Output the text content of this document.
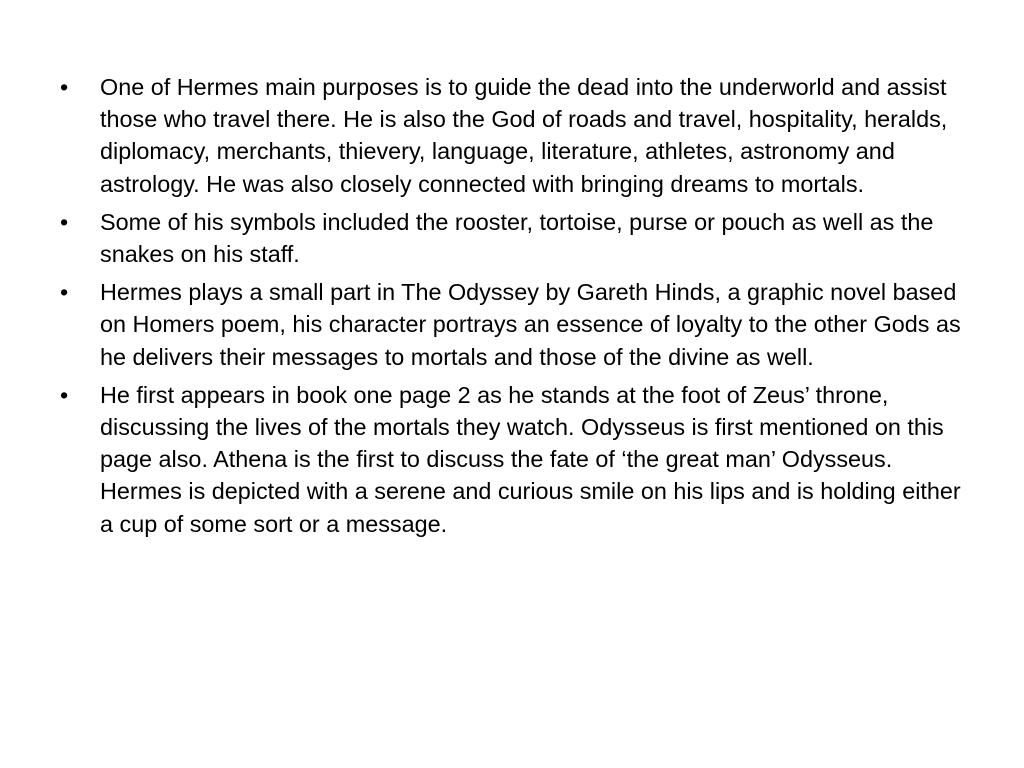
•	One of Hermes main purposes is to guide the dead into the underworld and assist those who travel there. He is also the God of roads and travel, hospitality, heralds, diplomacy, merchants, thievery, language, literature, athletes, astronomy and astrology. He was also closely connected with bringing dreams to mortals.
•	Some of his symbols included the rooster, tortoise, purse or pouch as well as the snakes on his staff.
•	Hermes plays a small part in The Odyssey by Gareth Hinds, a graphic novel based on Homers poem, his character portrays an essence of loyalty to the other Gods as he delivers their messages to mortals and those of the divine as well.
•	He first appears in book one page 2 as he stands at the foot of Zeus’ throne, discussing the lives of the mortals they watch. Odysseus is first mentioned on this page also. Athena is the first to discuss the fate of ‘the great man’ Odysseus. Hermes is depicted with a serene and curious smile on his lips and is holding either a cup of some sort or a message.
